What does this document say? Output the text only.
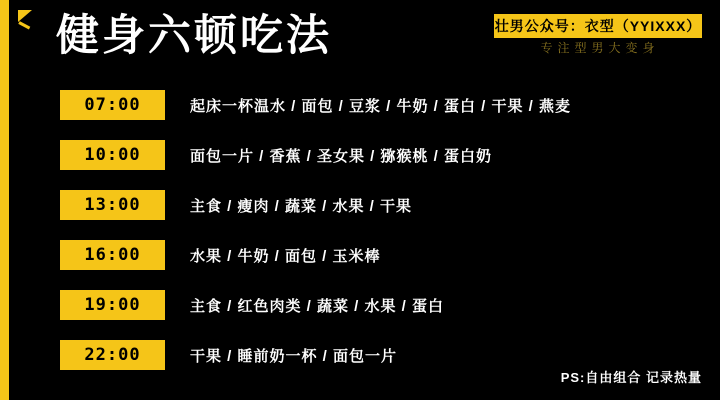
健身六顿吃法	壮男公众号：衣型（YYIXXX）
专注型男大变身
07:00	起床一杯温水 / 面包 / 豆浆 / 牛奶 / 蛋白 / 干果 / 燕麦
10:00	面包一片 / 香蕉 / 圣女果 / 猕猴桃 / 蛋白奶
13:00	主食 / 瘦肉 / 蔬菜 / 水果 / 干果
16:00	水果 / 牛奶 / 面包 / 玉米棒
19:00	主食 / 红色肉类 / 蔬菜 / 水果 / 蛋白
22:00	干果 / 睡前奶一杯 / 面包一片
PS:自由组合 记录热量
